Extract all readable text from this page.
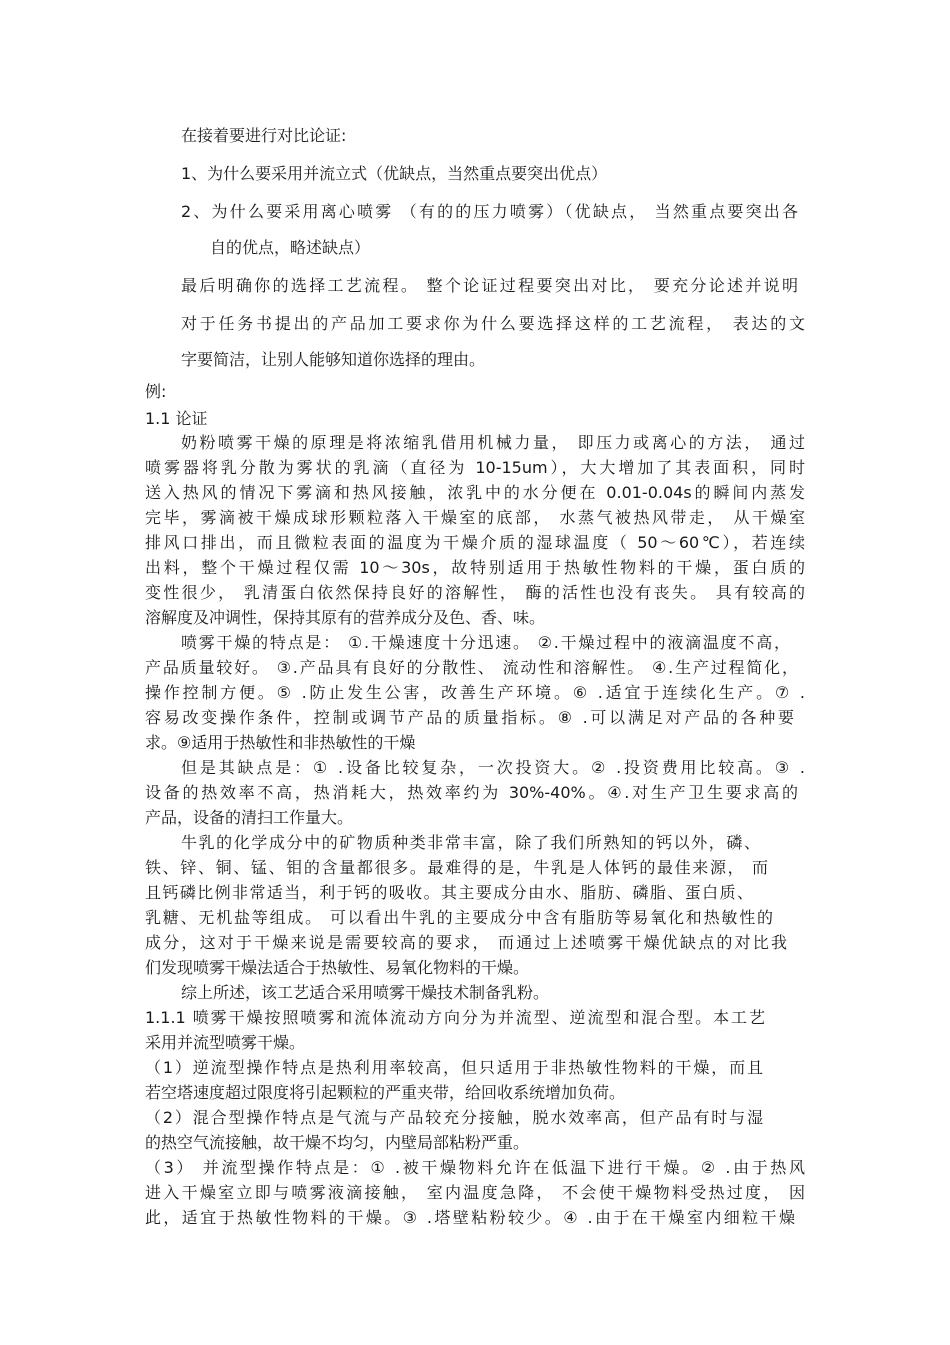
在接着要进行对比论证:
1、为什么要采用并流立式（优缺点，当然重点要突出优点）
2、为什么要采用离心喷雾 （有的的压力喷雾）（优缺点， 当然重点要突出各
自的优点，略述缺点）
最后明确你的选择工艺流程。 整个论证过程要突出对比， 要充分论述并说明
对于任务书提出的产品加工要求你为什么要选择这样的工艺流程， 表达的文
字要简洁，让别人能够知道你选择的理由。
例:
1.1 论证
奶粉喷雾干燥的原理是将浓缩乳借用机械力量， 即压力或离心的方法， 通过
喷雾器将乳分散为雾状的乳滴（直径为 10-15um），大大增加了其表面积，同时
送入热风的情况下雾滴和热风接触，浓乳中的水分便在 0.01-0.04s的瞬间内蒸发
完毕，雾滴被干燥成球形颗粒落入干燥室的底部， 水蒸气被热风带走， 从干燥室
排风口排出，而且微粒表面的温度为干燥介质的湿球温度（ 50～60℃），若连续
出料，整个干燥过程仅需 10～30s，故特别适用于热敏性物料的干燥，蛋白质的
变性很少， 乳清蛋白依然保持良好的溶解性， 酶的活性也没有丧失。 具有较高的
溶解度及冲调性，保持其原有的营养成分及色、香、味。
喷雾干燥的特点是： ①.干燥速度十分迅速。 ②.干燥过程中的液滴温度不高，
产品质量较好。 ③.产品具有良好的分散性、 流动性和溶解性。 ④.生产过程简化，
操作控制方便。⑤ .防止发生公害，改善生产环境。⑥ .适宜于连续化生产。⑦ .
容易改变操作条件，控制或调节产品的质量指标。⑧ .可以满足对产品的各种要
求。⑨适用于热敏性和非热敏性的干燥
但是其缺点是：① .设备比较复杂，一次投资大。② .投资费用比较高。③ .
设备的热效率不高，热消耗大，热效率约为 30%-40%。④.对生产卫生要求高的
产品，设备的清扫工作量大。
牛乳的化学成分中的矿物质种类非常丰富，除了我们所熟知的钙以外，磷、
铁、锌、铜、锰、钼的含量都很多。最难得的是，牛乳是人体钙的最佳来源， 而
且钙磷比例非常适当，利于钙的吸收。其主要成分由水、脂肪、磷脂、蛋白质、
乳糖、无机盐等组成。 可以看出牛乳的主要成分中含有脂肪等易氧化和热敏性的
成分，这对于干燥来说是需要较高的要求， 而通过上述喷雾干燥优缺点的对比我
们发现喷雾干燥法适合于热敏性、易氧化物料的干燥。
综上所述，该工艺适合采用喷雾干燥技术制备乳粉。
1.1.1 喷雾干燥按照喷雾和流体流动方向分为并流型、逆流型和混合型。本工艺
采用并流型喷雾干燥。
（1）逆流型操作特点是热利用率较高，但只适用于非热敏性物料的干燥，而且
若空塔速度超过限度将引起颗粒的严重夹带，给回收系统增加负荷。
（2）混合型操作特点是气流与产品较充分接触，脱水效率高，但产品有时与湿
的热空气流接触，故干燥不均匀，内壁局部粘粉严重。
（3） 并流型操作特点是：① .被干燥物料允许在低温下进行干燥。② .由于热风
进入干燥室立即与喷雾液滴接触， 室内温度急降， 不会使干燥物料受热过度， 因
此，适宜于热敏性物料的干燥。③ .塔壁粘粉较少。④ .由于在干燥室内细粒干燥
